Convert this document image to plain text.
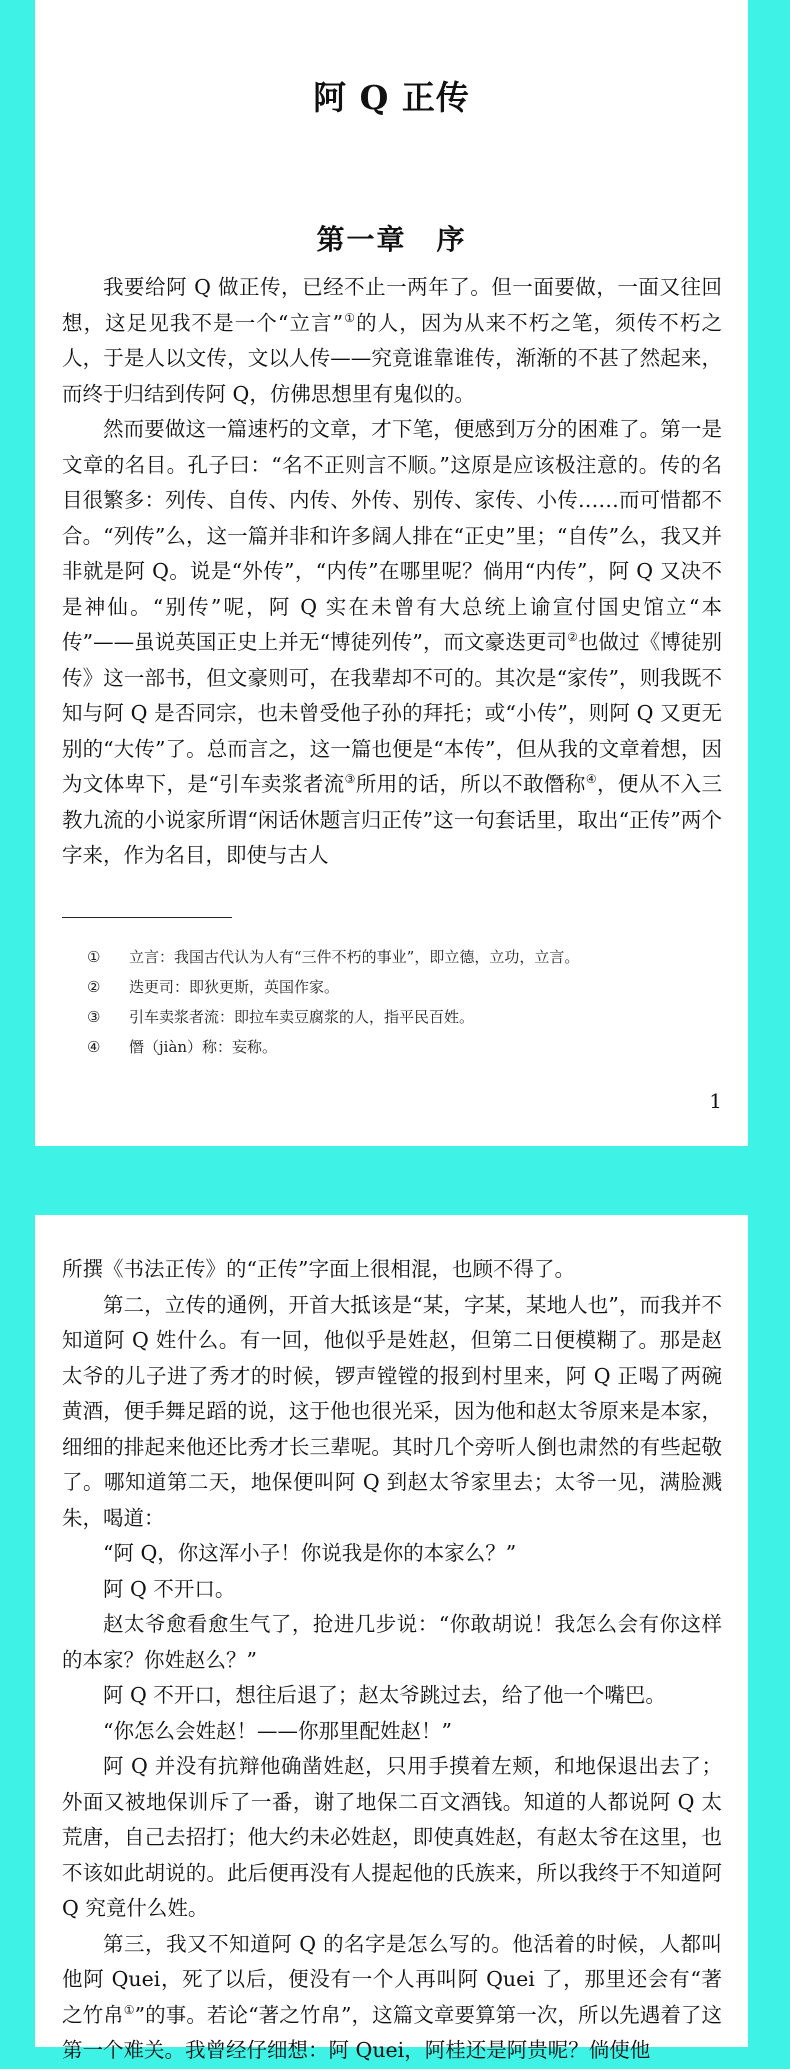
阿 Q 正传
第一章　序

我要给阿 Q 做正传，已经不止一两年了。但一面要做，一面又往回想，这足见我不是一个“立言”①的人，因为从来不朽之笔，须传不朽之人，于是人以文传，文以人传——究竟谁靠谁传，渐渐的不甚了然起来，而终于归结到传阿 Q，仿佛思想里有鬼似的。

然而要做这一篇速朽的文章，才下笔，便感到万分的困难了。第一是文章的名目。孔子曰：“名不正则言不顺。”这原是应该极注意的。传的名目很繁多：列传、自传、内传、外传、别传、家传、小传……而可惜都不合。“列传”么，这一篇并非和许多阔人排在“正史”里；“自传”么，我又并非就是阿 Q。说是“外传”，“内传”在哪里呢？倘用“内传”，阿 Q 又决不是神仙。“别传”呢，阿 Q 实在未曾有大总统上谕宣付国史馆立“本传”——虽说英国正史上并无“博徒列传”，而文豪迭更司②也做过《博徒别传》这一部书，但文豪则可，在我辈却不可的。其次是“家传”，则我既不知与阿 Q 是否同宗，也未曾受他子孙的拜托；或“小传”，则阿 Q 又更无别的“大传”了。总而言之，这一篇也便是“本传”，但从我的文章着想，因为文体卑下，是“引车卖浆者流③所用的话，所以不敢僭称④，便从不入三教九流的小说家所谓“闲话休题言归正传”这一句套话里，取出“正传”两个字来，作为名目，即使与古人

①	立言：我国古代认为人有“三件不朽的事业”，即立德，立功，立言。
②	迭更司：即狄更斯，英国作家。
③	引车卖浆者流：即拉车卖豆腐浆的人，指平民百姓。
④	僭（jiàn）称：妄称。
1

所撰《书法正传》的“正传”字面上很相混，也顾不得了。

第二，立传的通例，开首大抵该是“某，字某，某地人也”，而我并不知道阿 Q 姓什么。有一回，他似乎是姓赵，但第二日便模糊了。那是赵太爷的儿子进了秀才的时候，锣声镗镗的报到村里来，阿 Q 正喝了两碗黄酒，便手舞足蹈的说，这于他也很光采，因为他和赵太爷原来是本家，细细的排起来他还比秀才长三辈呢。其时几个旁听人倒也肃然的有些起敬了。哪知道第二天，地保便叫阿 Q 到赵太爷家里去；太爷一见，满脸溅朱，喝道：

“阿 Q，你这浑小子！你说我是你的本家么？”

阿 Q 不开口。

赵太爷愈看愈生气了，抢进几步说：“你敢胡说！我怎么会有你这样的本家？你姓赵么？”

阿 Q 不开口，想往后退了；赵太爷跳过去，给了他一个嘴巴。

“你怎么会姓赵！——你那里配姓赵！”

阿 Q 并没有抗辩他确凿姓赵，只用手摸着左颊，和地保退出去了；外面又被地保训斥了一番，谢了地保二百文酒钱。知道的人都说阿 Q 太荒唐，自己去招打；他大约未必姓赵，即使真姓赵，有赵太爷在这里，也不该如此胡说的。此后便再没有人提起他的氏族来，所以我终于不知道阿 Q 究竟什么姓。

第三，我又不知道阿 Q 的名字是怎么写的。他活着的时候，人都叫他阿 Quei，死了以后，便没有一个人再叫阿 Quei 了，那里还会有“著之竹帛①”的事。若论“著之竹帛”，这篇文章要算第一次，所以先遇着了这第一个难关。我曾经仔细想：阿 Quei，阿桂还是阿贵呢？倘使他
